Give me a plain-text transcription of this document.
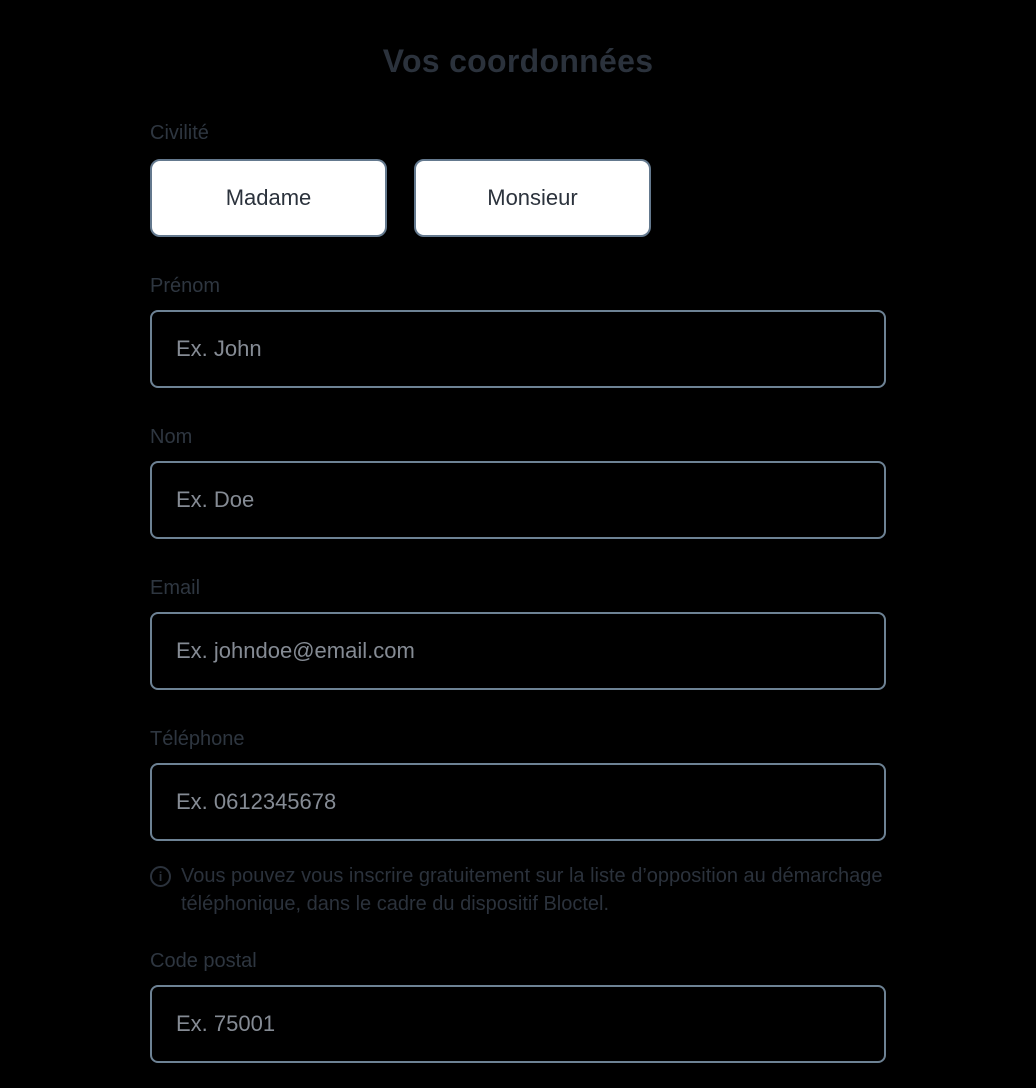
Vos coordonnées
Civilité
Madame	Monsieur
Prénom
Ex. John
Nom
Ex. Doe
Email
Ex. johndoe@email.com
Téléphone
Ex. 0612345678
i Vous pouvez vous inscrire gratuitement sur la liste d’opposition au démarchage téléphonique, dans le cadre du dispositif Bloctel.
Code postal
Ex. 75001
